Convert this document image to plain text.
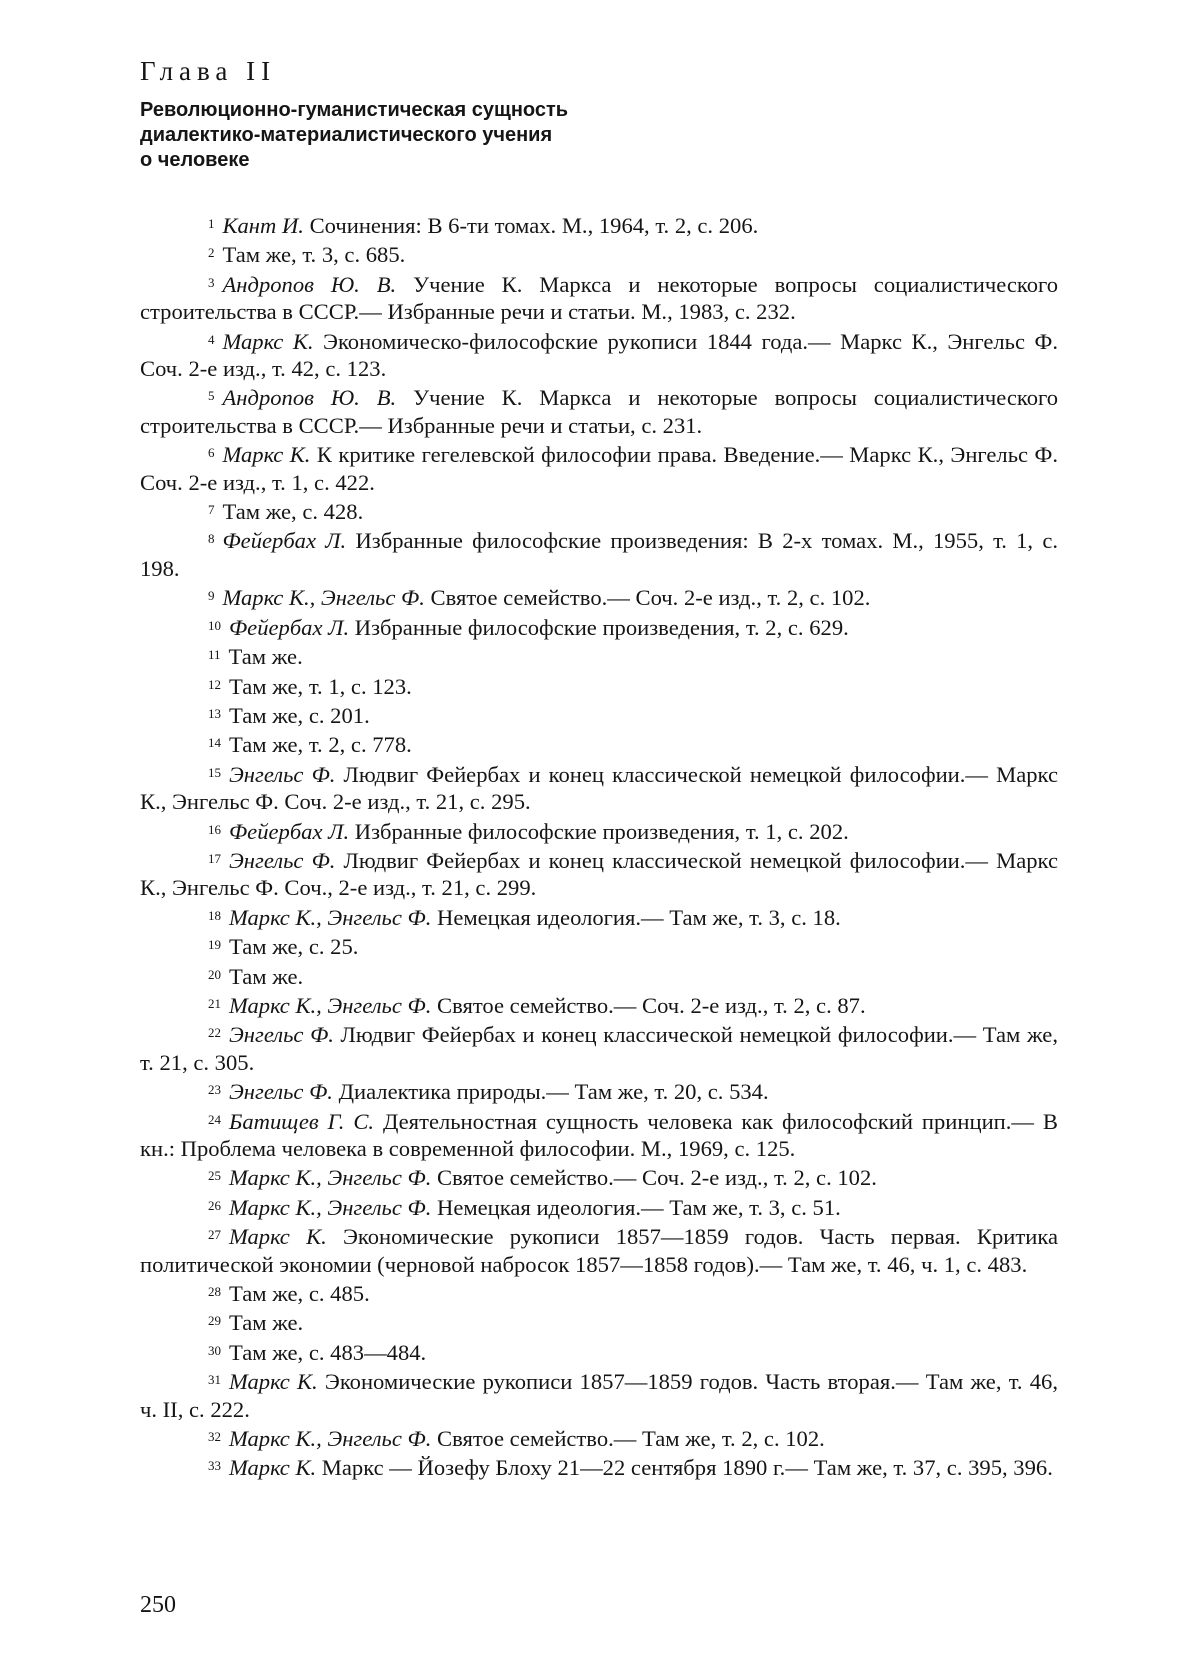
Глава II
Революционно-гуманистическая сущность
диалектико-материалистического учения
о человеке
$^1$ Кант И. Сочинения: В 6-ти томах. М., 1964, т. 2, с. 206.
$^2$ Там же, т. 3, с. 685.
$^3$ Андропов Ю. В. Учение К. Маркса и некоторые вопросы социалистического строительства в СССР.— Избранные речи и статьи. М., 1983, с. 232.
$^4$ Маркс К. Экономическо-философские рукописи 1844 года.— Маркс К., Энгельс Ф. Соч. 2-е изд., т. 42, с. 123.
$^5$ Андропов Ю. В. Учение К. Маркса и некоторые вопросы социалистического строительства в СССР.— Избранные речи и статьи, с. 231.
$^6$ Маркс К. К критике гегелевской философии права. Введение.— Маркс К., Энгельс Ф. Соч. 2-е изд., т. 1, с. 422.
$^7$ Там же, с. 428.
$^8$ Фейербах Л. Избранные философские произведения: В 2-х томах. М., 1955, т. 1, с. 198.
$^9$ Маркс К., Энгельс Ф. Святое семейство.— Соч. 2-е изд., т. 2, с. 102.
$^{10}$ Фейербах Л. Избранные философские произведения, т. 2, с. 629.
$^{11}$ Там же.
$^{12}$ Там же, т. 1, с. 123.
$^{13}$ Там же, с. 201.
$^{14}$ Там же, т. 2, с. 778.
$^{15}$ Энгельс Ф. Людвиг Фейербах и конец классической немецкой философии.— Маркс К., Энгельс Ф. Соч. 2-е изд., т. 21, с. 295.
$^{16}$ Фейербах Л. Избранные философские произведения, т. 1, с. 202.
$^{17}$ Энгельс Ф. Людвиг Фейербах и конец классической немецкой философии.— Маркс К., Энгельс Ф. Соч., 2-е изд., т. 21, с. 299.
$^{18}$ Маркс К., Энгельс Ф. Немецкая идеология.— Там же, т. 3, с. 18.
$^{19}$ Там же, с. 25.
$^{20}$ Там же.
$^{21}$ Маркс К., Энгельс Ф. Святое семейство.— Соч. 2-е изд., т. 2, с. 87.
$^{22}$ Энгельс Ф. Людвиг Фейербах и конец классической немецкой философии.— Там же, т. 21, с. 305.
$^{23}$ Энгельс Ф. Диалектика природы.— Там же, т. 20, с. 534.
$^{24}$ Батищев Г. С. Деятельностная сущность человека как философский принцип.— В кн.: Проблема человека в современной философии. М., 1969, с. 125.
$^{25}$ Маркс К., Энгельс Ф. Святое семейство.— Соч. 2-е изд., т. 2, с. 102.
$^{26}$ Маркс К., Энгельс Ф. Немецкая идеология.— Там же, т. 3, с. 51.
$^{27}$ Маркс К. Экономические рукописи 1857—1859 годов. Часть первая. Критика политической экономии (черновой набросок 1857—1858 годов).— Там же, т. 46, ч. 1, с. 483.
$^{28}$ Там же, с. 485.
$^{29}$ Там же.
$^{30}$ Там же, с. 483—484.
$^{31}$ Маркс К. Экономические рукописи 1857—1859 годов. Часть вторая.— Там же, т. 46, ч. II, с. 222.
$^{32}$ Маркс К., Энгельс Ф. Святое семейство.— Там же, т. 2, с. 102.
$^{33}$ Маркс К. Маркс — Йозефу Блоху 21—22 сентября 1890 г.— Там же, т. 37, с. 395, 396.
250
